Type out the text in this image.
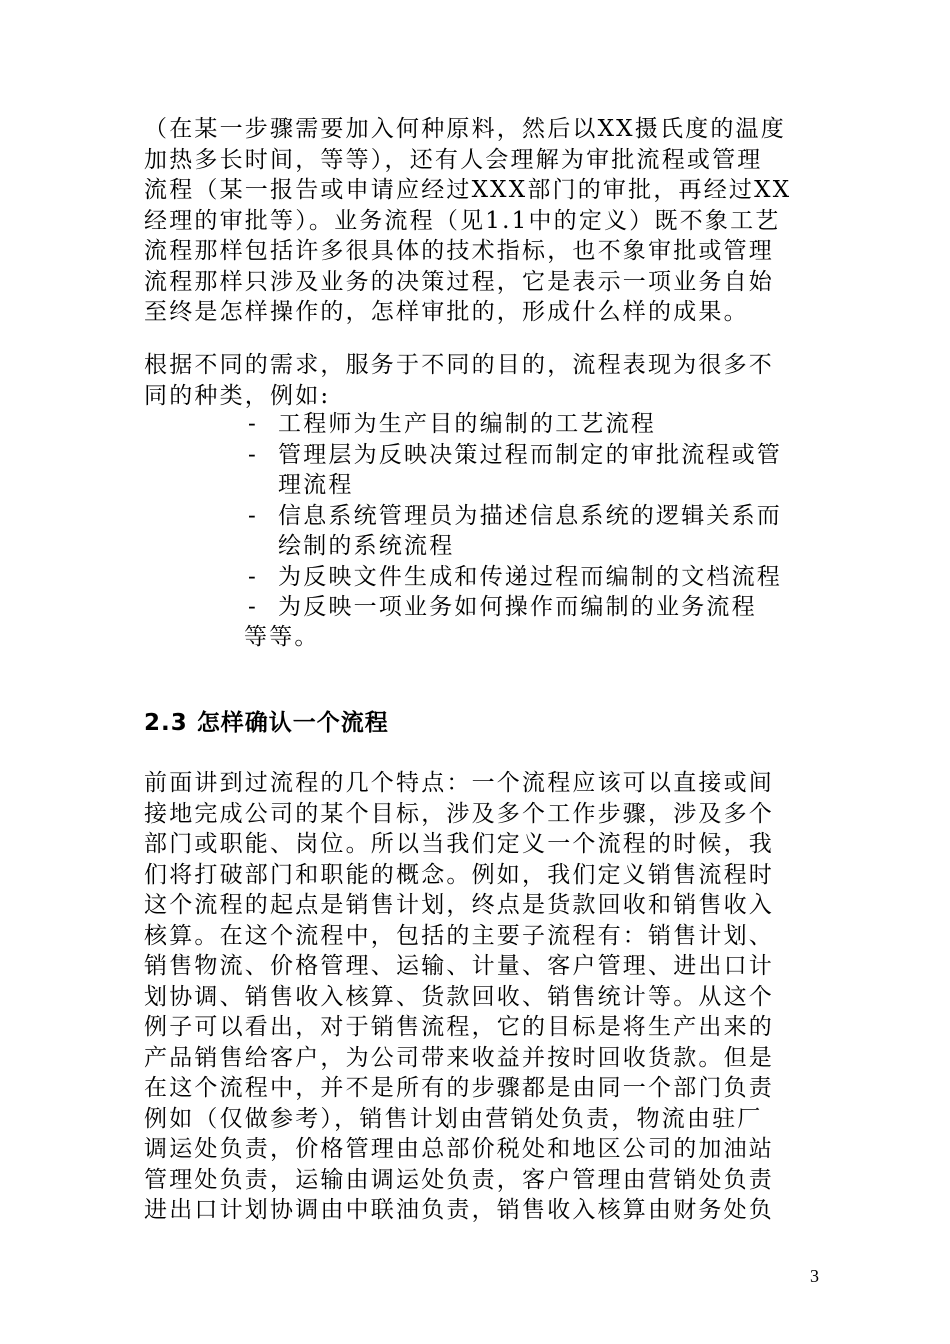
（在某一步骤需要加入何种原料，然后以XX摄氏度的温度
加热多长时间，等等），还有人会理解为审批流程或管理
流程（某一报告或申请应经过XXX部门的审批，再经过XX
经理的审批等）。业务流程（见1.1中的定义）既不象工艺
流程那样包括许多很具体的技术指标，也不象审批或管理
流程那样只涉及业务的决策过程，它是表示一项业务自始
至终是怎样操作的，怎样审批的，形成什么样的成果。

根据不同的需求，服务于不同的目的，流程表现为很多不
同的种类，例如:

- 工程师为生产目的编制的工艺流程
- 管理层为反映决策过程而制定的审批流程或管
理流程
- 信息系统管理员为描述信息系统的逻辑关系而
绘制的系统流程
- 为反映文件生成和传递过程而编制的文档流程
- 为反映一项业务如何操作而编制的业务流程
等等。
2.3 怎样确认一个流程

前面讲到过流程的几个特点：一个流程应该可以直接或间
接地完成公司的某个目标，涉及多个工作步骤，涉及多个
部门或职能、岗位。所以当我们定义一个流程的时候，我
们将打破部门和职能的概念。例如，我们定义销售流程时
这个流程的起点是销售计划，终点是货款回收和销售收入
核算。在这个流程中，包括的主要子流程有：销售计划、
销售物流、价格管理、运输、计量、客户管理、进出口计
划协调、销售收入核算、货款回收、销售统计等。从这个
例子可以看出，对于销售流程，它的目标是将生产出来的
产品销售给客户，为公司带来收益并按时回收货款。但是
在这个流程中，并不是所有的步骤都是由同一个部门负责
例如（仅做参考），销售计划由营销处负责，物流由驻厂
调运处负责，价格管理由总部价税处和地区公司的加油站
管理处负责，运输由调运处负责，客户管理由营销处负责
进出口计划协调由中联油负责，销售收入核算由财务处负

3
